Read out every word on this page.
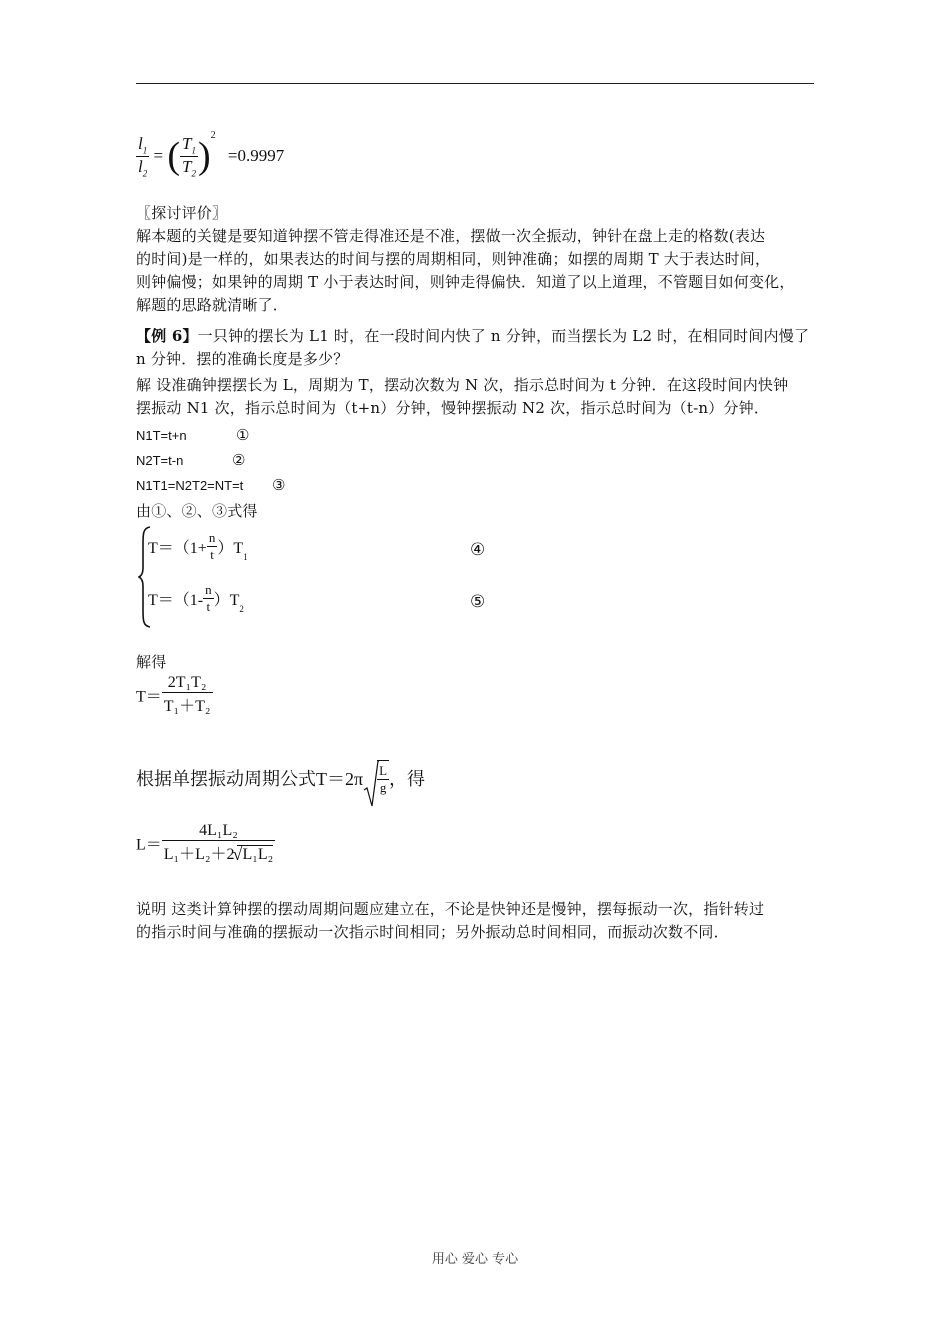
$\frac{l_1}{l_2}$ = ( $\frac{T_1}{T_2} )^2 =0.9997$
〖探讨评价〗
解本题的关键是要知道钟摆不管走得准还是不准，摆做一次全振动，钟针在盘上走的格数(表达
的时间)是一样的，如果表达的时间与摆的周期相同，则钟准确；如摆的周期 T 大于表达时间，
则钟偏慢；如果钟的周期 T 小于表达时间，则钟走得偏快．知道了以上道理，不管题目如何变化，
解题的思路就清晰了．
【例 6】一只钟的摆长为 L1 时，在一段时间内快了 n 分钟，而当摆长为 L2 时，在相同时间内慢了
n 分钟．摆的准确长度是多少？
解 设准确钟摆摆长为 L，周期为 T，摆动次数为 N 次，指示总时间为 t 分钟．在这段时间内快钟
摆振动 N1 次，指示总时间为（t+n）分钟，慢钟摆振动 N2 次，指示总时间为（t-n）分钟．
N1T=t+n	①
N2T=t-n	②
N1T1=N2T2=NT=t ③
由①、②、③式得
$T=(1+ \frac{n}{t} )T_1$	④
$T=(1- \frac{n}{t} )T_2$	⑤
解得
$T= \frac{\text{2T₁T₂}}{\text{T₁＋T₂}}$
根据单摆振动周期公式$T=2\pi \frac{L}{g}$ ，得
L＝ 4L₁L₂
L₁＋L₂＋2
√ L₁L₂
说明 这类计算钟摆的摆动周期问题应建立在，不论是快钟还是慢钟，摆每振动一次，指针转过
的指示时间与准确的摆振动一次指示时间相同；另外振动总时间相同，而振动次数不同．
用心 爱心 专心
